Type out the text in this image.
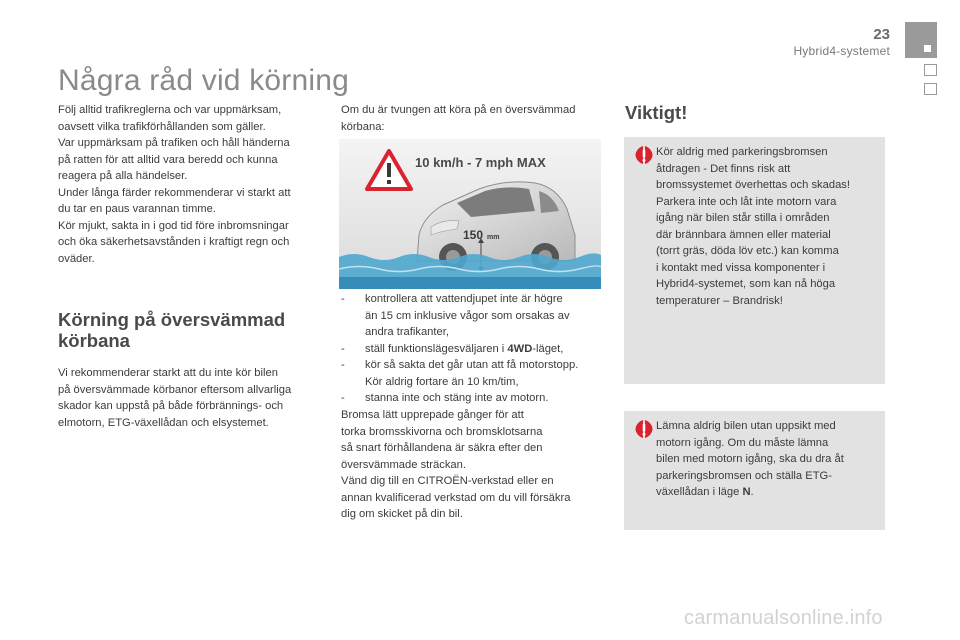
23
Hybrid4-systemet
Några råd vid körning
Följ alltid trafikreglerna och var uppmärksam,
oavsett vilka trafikförhållanden som gäller.
Var uppmärksam på trafiken och håll händerna
på ratten för att alltid vara beredd och kunna
reagera på alla händelser.
Under långa färder rekommenderar vi starkt att
du tar en paus varannan timme.
Kör mjukt, sakta in i god tid före inbromsningar
och öka säkerhetsavstånden i kraftigt regn och
oväder.
Körning på översvämmad
körbana
Vi rekommenderar starkt att du inte kör bilen
på översvämmade körbanor eftersom allvarliga
skador kan uppstå på både förbrännings- och
elmotorn, ETG-växellådan och elsystemet.
Om du är tvungen att köra på en översvämmad
körbana:
10 km/h - 7 mph MAX
150 mm
-	kontrollera att vattendjupet inte är högre
än 15 cm inklusive vågor som orsakas av
andra trafikanter,
-	ställ funktionslägesväljaren i 4WD-läget,
-	kör så sakta det går utan att få motorstopp.
Kör aldrig fortare än 10 km/tim,
-	stanna inte och stäng inte av motorn.
Bromsa lätt upprepade gånger för att
torka bromsskivorna och bromsklotsarna
så snart förhållandena är säkra efter den
översvämmade sträckan.
Vänd dig till en CITROËN-verkstad eller en
annan kvalificerad verkstad om du vill försäkra
dig om skicket på din bil.
Viktigt!
Kör aldrig med parkeringsbromsen
åtdragen - Det finns risk att
bromssystemet överhettas och skadas!
Parkera inte och låt inte motorn vara
igång när bilen står stilla i områden
där brännbara ämnen eller material
(torrt gräs, döda löv etc.) kan komma
i kontakt med vissa komponenter i
Hybrid4-systemet, som kan nå höga
temperaturer – Brandrisk!
Lämna aldrig bilen utan uppsikt med
motorn igång. Om du måste lämna
bilen med motorn igång, ska du dra åt
parkeringsbromsen och ställa ETG-
växellådan i läge N.
carmanualsonline.info
